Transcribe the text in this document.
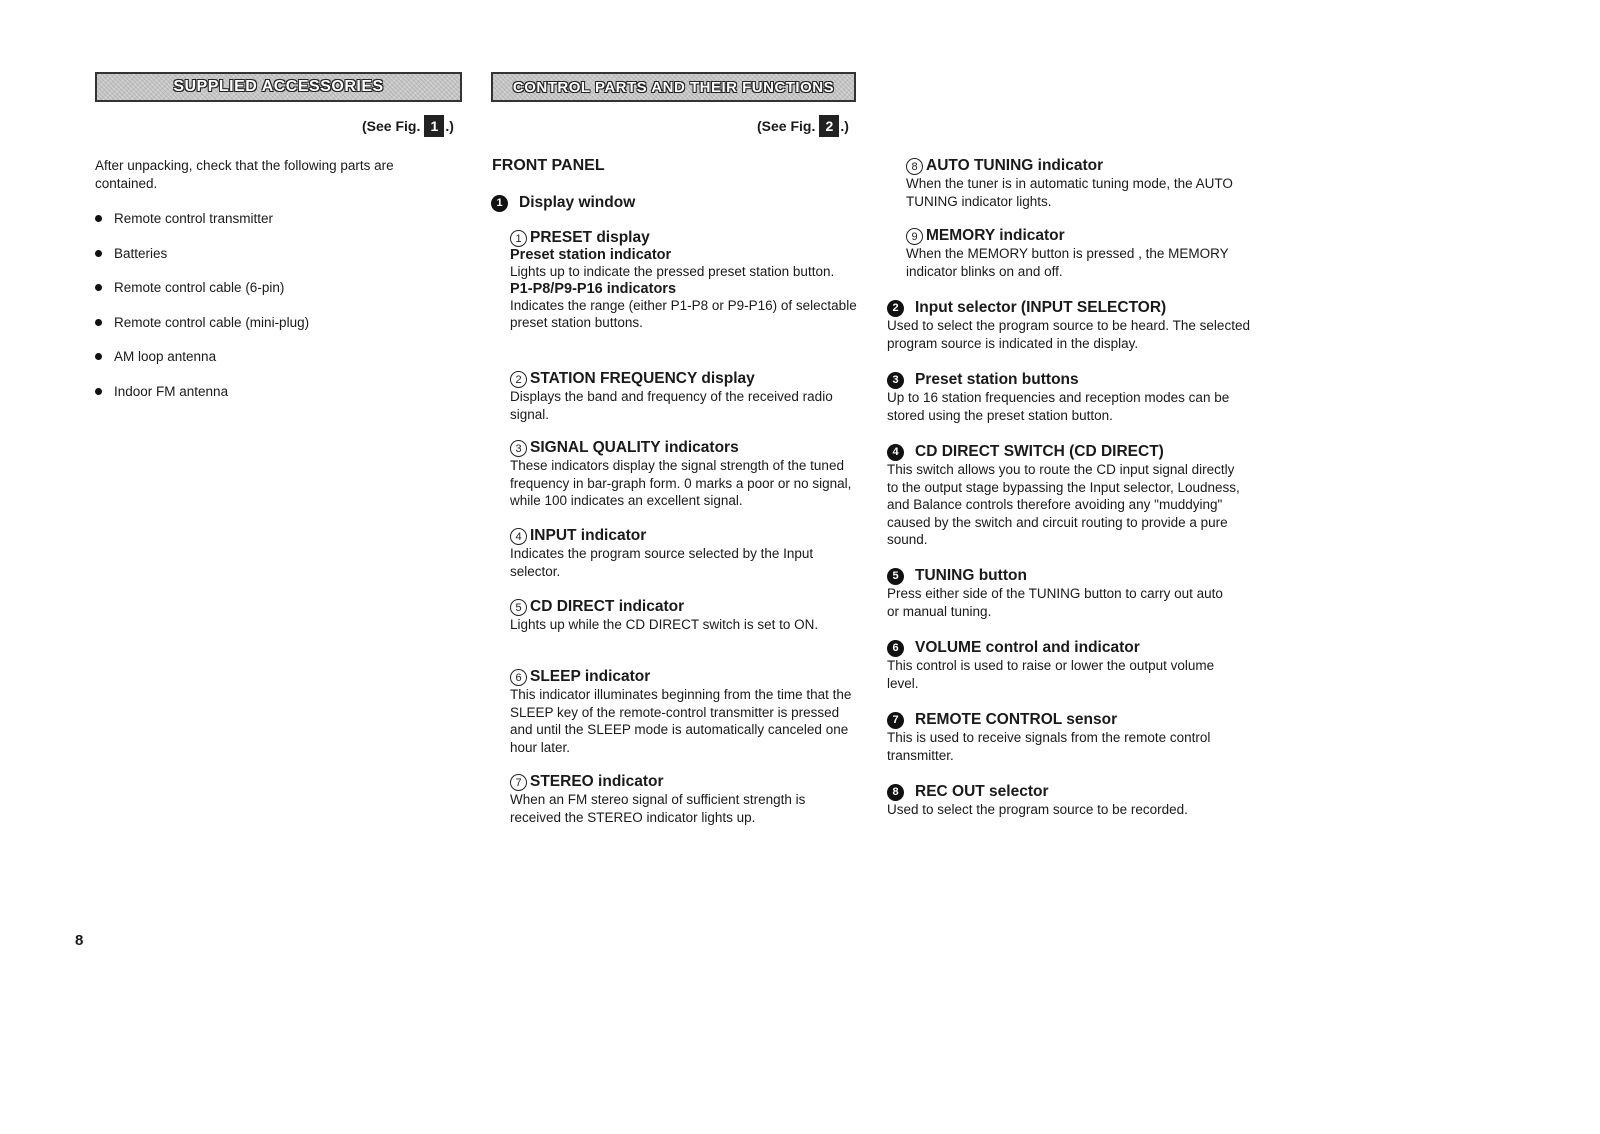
SUPPLIED ACCESSORIES
(See Fig. 1 .)

After unpacking, check that the following parts are contained.

Remote control transmitter
Batteries
Remote control cable (6-pin)
Remote control cable (mini-plug)
AM loop antenna
Indoor FM antenna
8
CONTROL PARTS AND THEIR FUNCTIONS
(See Fig. 2 .)
FRONT PANEL
1	Display window
1 PRESET display

Preset station indicator

Lights up to indicate the pressed preset station button.

P1-P8/P9-P16 indicators

Indicates the range (either P1-P8 or P9-P16) of selectable preset station buttons.

2 STATION FREQUENCY display

Displays the band and frequency of the received radio signal.

3 SIGNAL QUALITY indicators

These indicators display the signal strength of the tuned frequency in bar-graph form. 0 marks a poor or no signal, while 100 indicates an excellent signal.

4 INPUT indicator

Indicates the program source selected by the Input selector.

5 CD DIRECT indicator

Lights up while the CD DIRECT switch is set to ON.

6 SLEEP indicator

This indicator illuminates beginning from the time that the SLEEP key of the remote-control transmitter is pressed and until the SLEEP mode is automatically canceled one hour later.

7 STEREO indicator

When an FM stereo signal of sufficient strength is received the STEREO indicator lights up.

8 AUTO TUNING indicator

When the tuner is in automatic tuning mode, the AUTO TUNING indicator lights.

9 MEMORY indicator

When the MEMORY button is pressed , the MEMORY indicator blinks on and off.

2	Input selector (INPUT SELECTOR)

Used to select the program source to be heard. The selected program source is indicated in the display.

3	Preset station buttons

Up to 16 station frequencies and reception modes can be stored using the preset station button.

4	CD DIRECT SWITCH (CD DIRECT)

This switch allows you to route the CD input signal directly to the output stage bypassing the Input selector, Loudness, and Balance controls therefore avoiding any "muddying" caused by the switch and circuit routing to provide a pure sound.

5	TUNING button

Press either side of the TUNING button to carry out auto or manual tuning.

6	VOLUME control and indicator

This control is used to raise or lower the output volume level.

7	REMOTE CONTROL sensor

This is used to receive signals from the remote control transmitter.

8	REC OUT selector

Used to select the program source to be recorded.
